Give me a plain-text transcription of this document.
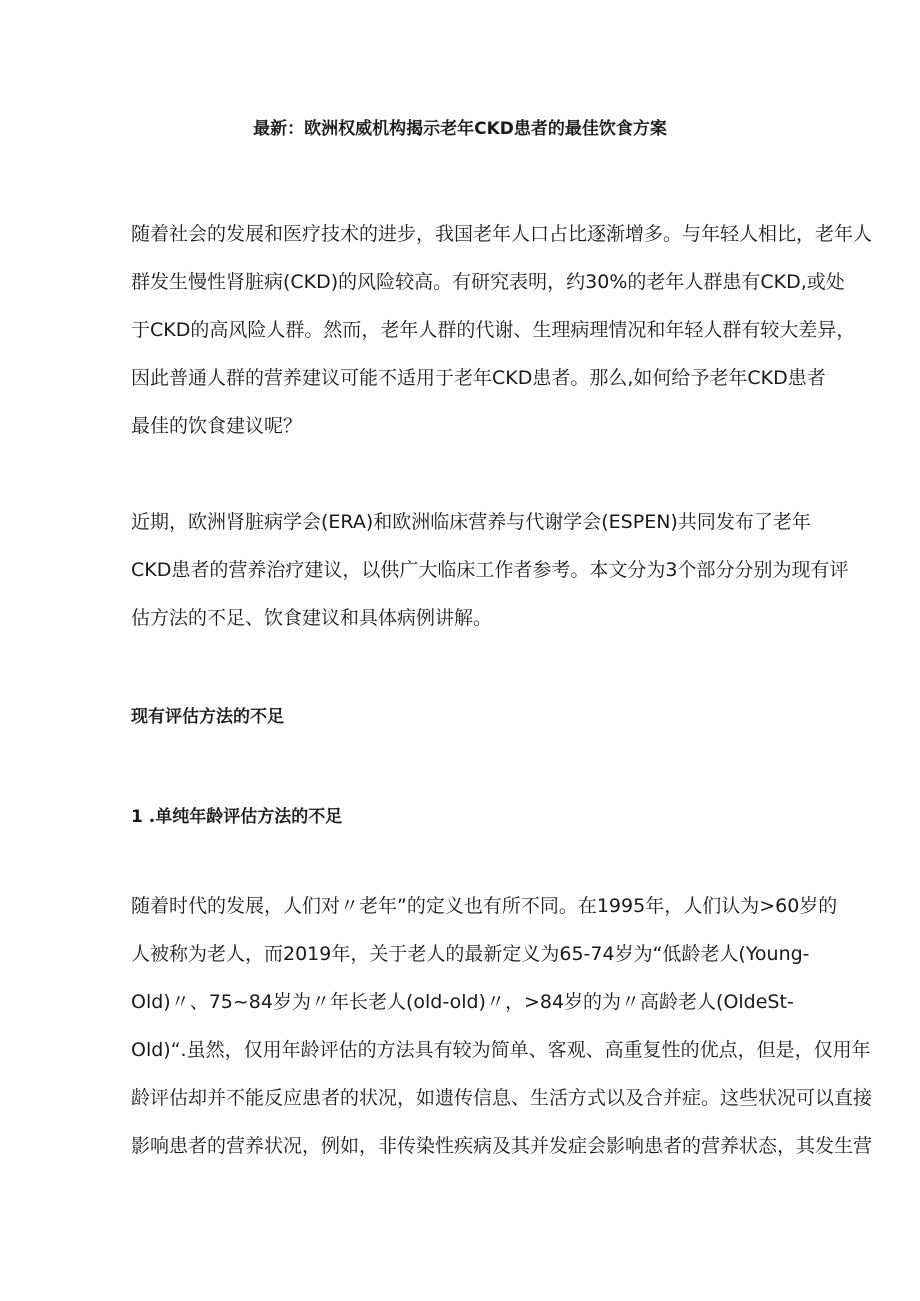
最新：欧洲权威机构揭示老年CKD患者的最佳饮食方案

随着社会的发展和医疗技术的进步，我国老年人口占比逐渐增多。与年轻人相比，老年人
群发生慢性肾脏病(CKD)的风险较高。有研究表明，约30%的老年人群患有CKD,或处
于CKD的高风险人群。然而，老年人群的代谢、生理病理情况和年轻人群有较大差异，
因此普通人群的营养建议可能不适用于老年CKD患者。那么,如何给予老年CKD患者
最佳的饮食建议呢？

近期，欧洲肾脏病学会(ERA)和欧洲临床营养与代谢学会(ESPEN)共同发布了老年
CKD患者的营养治疗建议，以供广大临床工作者参考。本文分为3个部分分别为现有评
估方法的不足、饮食建议和具体病例讲解。

现有评估方法的不足
1 .单纯年龄评估方法的不足

随着时代的发展，人们对〃老年”的定义也有所不同。在1995年，人们认为>60岁的
人被称为老人，而2019年，关于老人的最新定义为65-74岁为“低龄老人(Young-
Old)〃、75~84岁为〃年长老人(old-old)〃，>84岁的为〃高龄老人(OldeSt-
Old)“.虽然，仅用年龄评估的方法具有较为简单、客观、高重复性的优点，但是，仅用年
龄评估却并不能反应患者的状况，如遗传信息、生活方式以及合并症。这些状况可以直接
影响患者的营养状况，例如，非传染性疾病及其并发症会影响患者的营养状态，其发生营
